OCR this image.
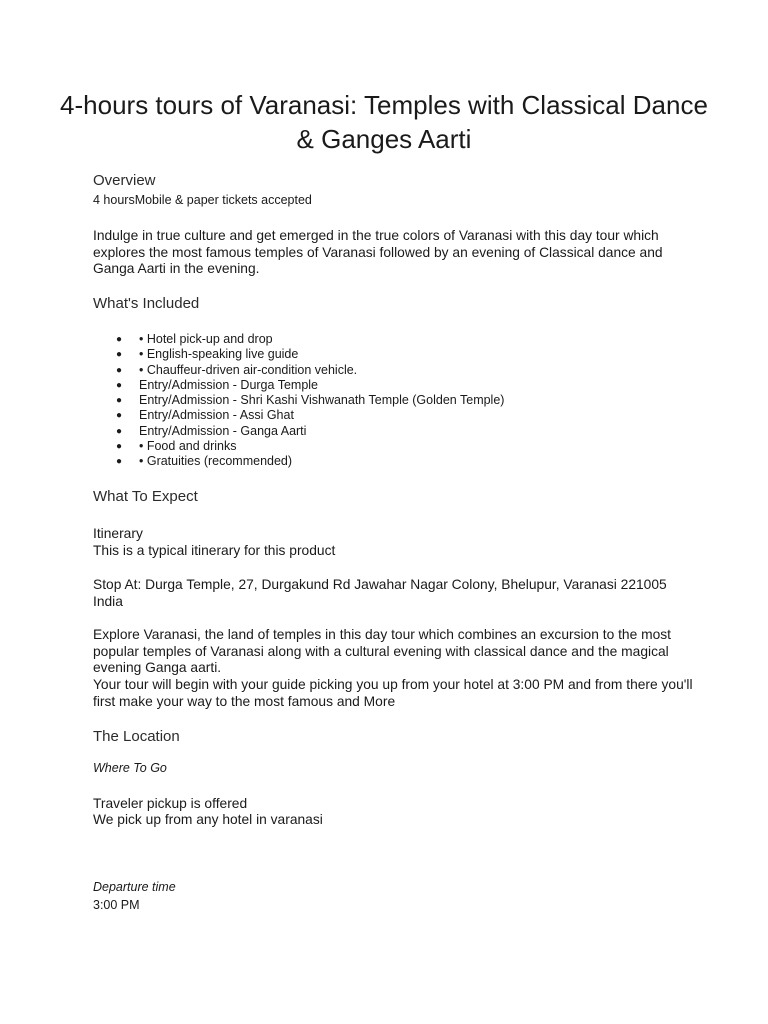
4-hours tours of Varanasi: Temples with Classical Dance & Ganges Aarti
Overview
4 hoursMobile & paper tickets accepted

Indulge in true culture and get emerged in the true colors of Varanasi with this day tour which explores the most famous temples of Varanasi followed by an evening of Classical dance and Ganga Aarti in the evening.

What's Included
● • Hotel pick-up and drop
● • English-speaking live guide
● • Chauffeur-driven air-condition vehicle.
● Entry/Admission - Durga Temple
● Entry/Admission - Shri Kashi Vishwanath Temple (Golden Temple)
● Entry/Admission - Assi Ghat
● Entry/Admission - Ganga Aarti
● • Food and drinks
● • Gratuities (recommended)
What To Expect
Itinerary
This is a typical itinerary for this product

Stop At: Durga Temple, 27, Durgakund Rd Jawahar Nagar Colony, Bhelupur, Varanasi 221005 India

Explore Varanasi, the land of temples in this day tour which combines an excursion to the most popular temples of Varanasi along with a cultural evening with classical dance and the magical evening Ganga aarti.

Your tour will begin with your guide picking you up from your hotel at 3:00 PM and from there you'll first make your way to the most famous and More

The Location
Where To Go
Traveler pickup is offered
We pick up from any hotel in varanasi
Departure time
3:00 PM
